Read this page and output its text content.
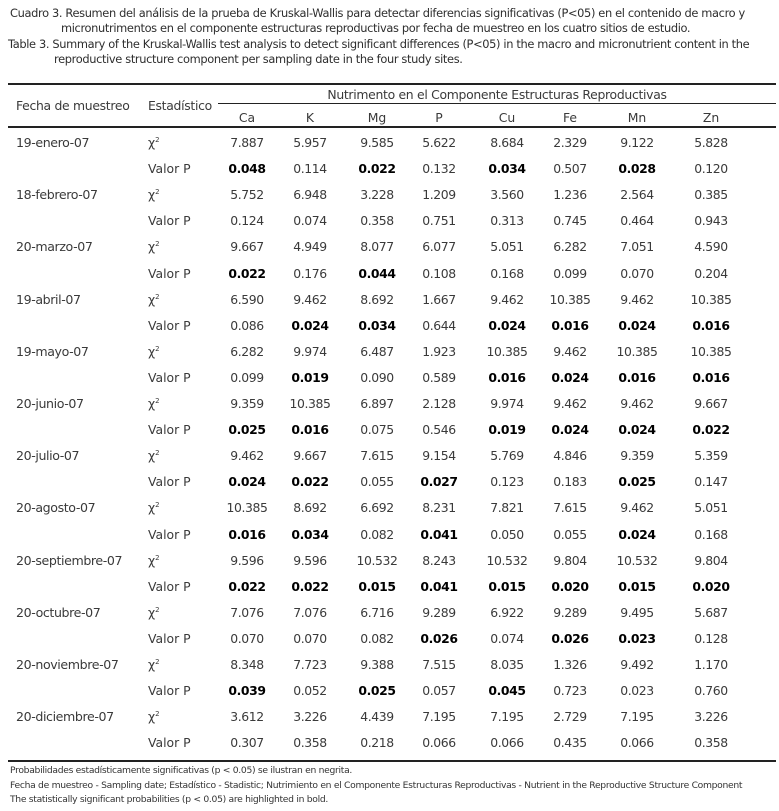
Cuadro 3. Resumen del análisis de la prueba de Kruskal-Wallis para detectar diferencias significativas (P<05) en el contenido de macro y

micronutrimentos en el componente estructuras reproductivas por fecha de muestreo en los cuatro sitios de estudio.

Table 3. Summary of the Kruskal-Wallis test analysis to detect significant differences (P<05) in the macro and micronutrient content in the

reproductive structure component per sampling date in the four study sites.

Fecha de muestreo Estadístico
Nutrimento en el Componente Estructuras Reproductivas
Ca	K	Mg	P	Cu	Fe	Mn	Zn
19-enero-07	$\chi^2$	7.887	5.957	9.585	5.622	8.684	2.329	9.122	5.828
Valor P	0.048	0.114	0.022	0.132	0.034	0.507	0.028	0.120
18-febrero-07	$\chi^2$	5.752	6.948	3.228	1.209	3.560	1.236	2.564	0.385
Valor P	0.124	0.074	0.358	0.751	0.313	0.745	0.464	0.943
20-marzo-07	$\chi^2$	9.667	4.949	8.077	6.077	5.051	6.282	7.051	4.590
Valor P	0.022	0.176	0.044	0.108	0.168	0.099	0.070	0.204
19-abril-07	$\chi^2$	6.590	9.462	8.692	1.667	9.462	10.385	9.462	10.385
Valor P	0.086	0.024	0.034	0.644	0.024	0.016	0.024	0.016
19-mayo-07	$\chi^2$	6.282	9.974	6.487	1.923	10.385	9.462	10.385	10.385
Valor P	0.099	0.019	0.090	0.589	0.016	0.024	0.016	0.016
20-junio-07	$\chi^2$	9.359	10.385	6.897	2.128	9.974	9.462	9.462	9.667
Valor P	0.025	0.016	0.075	0.546	0.019	0.024	0.024	0.022
20-julio-07	$\chi^2$	9.462	9.667	7.615	9.154	5.769	4.846	9.359	5.359
Valor P	0.024	0.022	0.055	0.027	0.123	0.183	0.025	0.147
20-agosto-07	$\chi^2$	10.385	8.692	6.692	8.231	7.821	7.615	9.462	5.051
Valor P	0.016	0.034	0.082	0.041	0.050	0.055	0.024	0.168
20-septiembre-07 $\chi^2$	9.596	9.596	10.532	8.243	10.532	9.804	10.532	9.804
Valor P	0.022	0.022	0.015	0.041	0.015	0.020	0.015	0.020
20-octubre-07	$\chi^2$	7.076	7.076	6.716	9.289	6.922	9.289	9.495	5.687
Valor P	0.070	0.070	0.082	0.026	0.074	0.026	0.023	0.128
20-noviembre-07 $\chi^2$	8.348	7.723	9.388	7.515	8.035	1.326	9.492	1.170
Valor P	0.039	0.052	0.025	0.057	0.045	0.723	0.023	0.760
20-diciembre-07	$\chi^2$	3.612	3.226	4.439	7.195	7.195	2.729	7.195	3.226
Valor P	0.307	0.358	0.218	0.066	0.066	0.435	0.066	0.358

Probabilidades estadísticamente significativas (p < 0.05) se ilustran en negrita.

Fecha de muestreo - Sampling date; Estadístico - Stadistic; Nutrimiento en el Componente Estructuras Reproductivas - Nutrient in the Reproductive Structure Component

The statistically significant probabilities (p < 0.05) are highlighted in bold.
